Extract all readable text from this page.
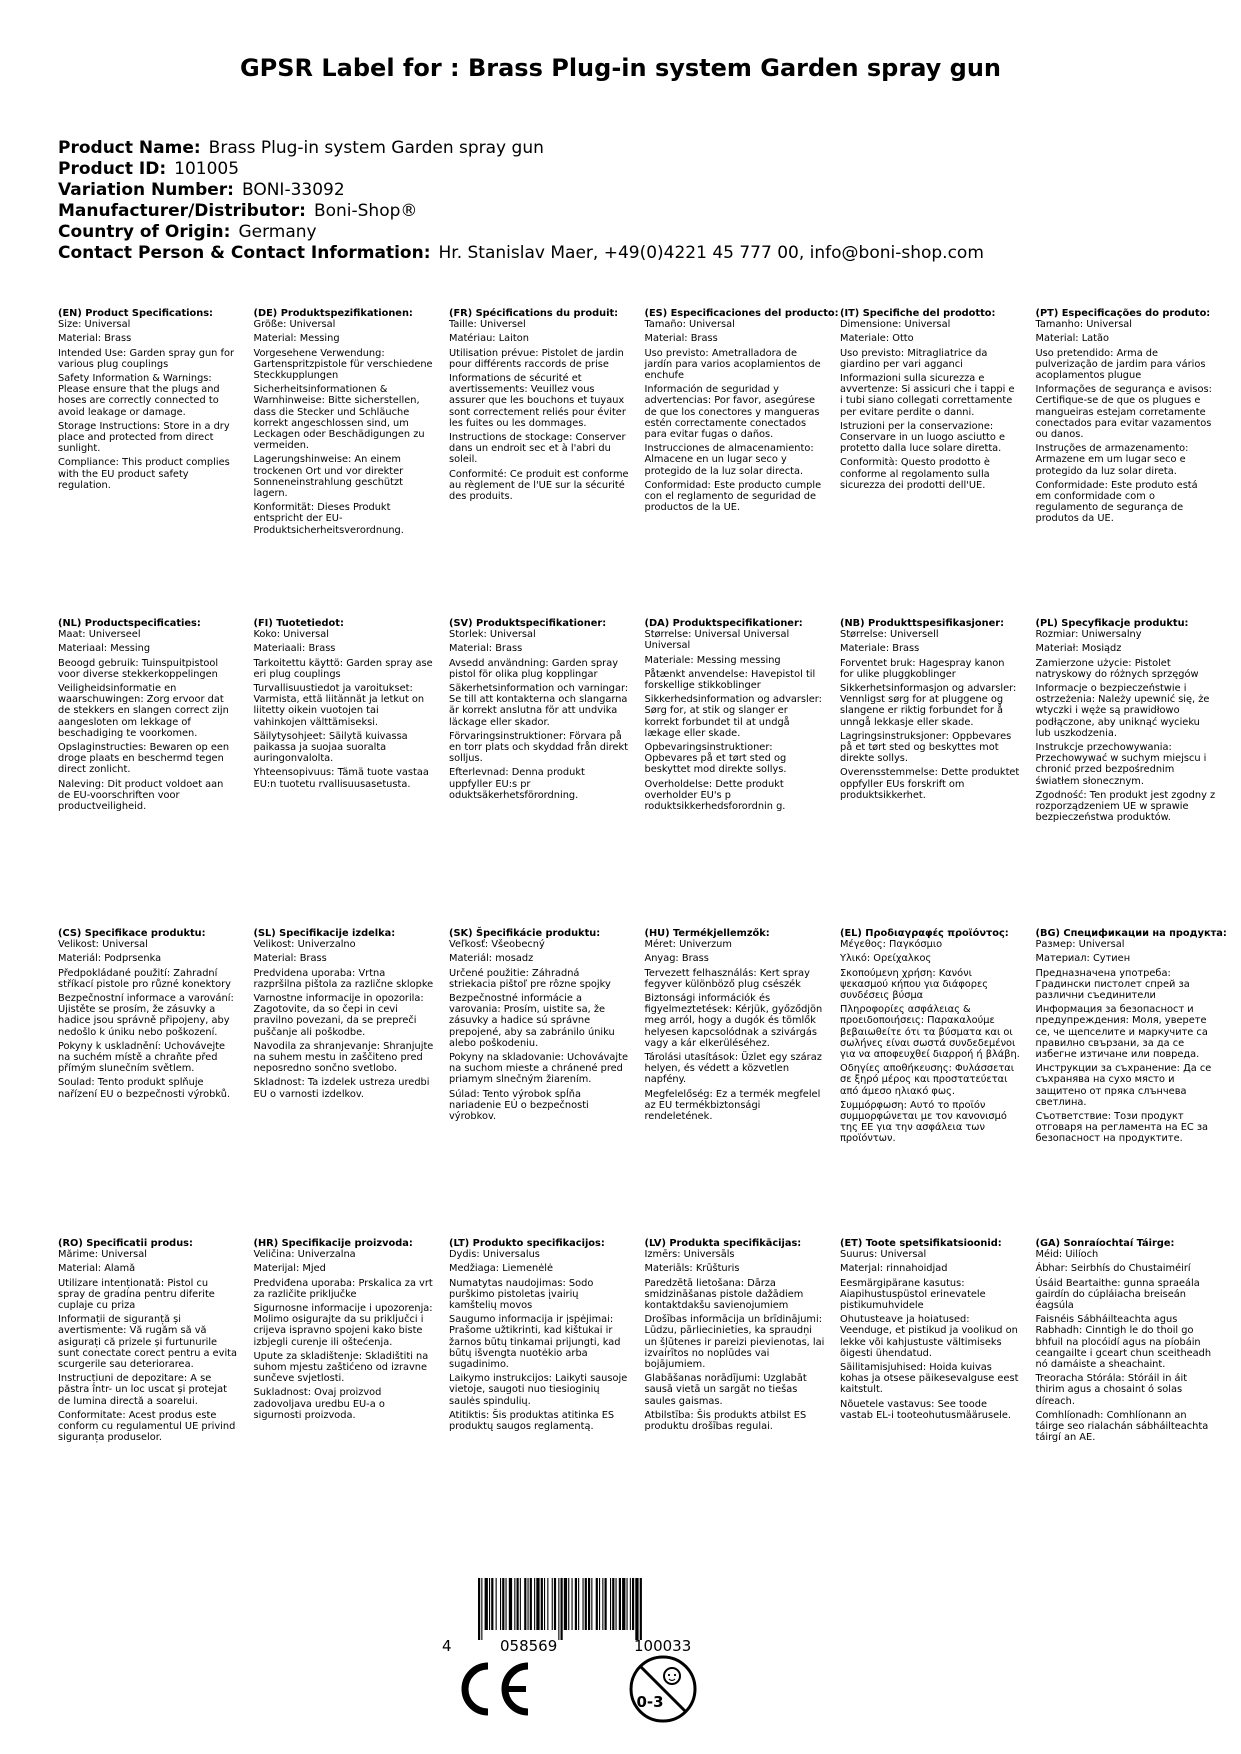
GPSR Label for : Brass Plug-in system Garden spray gun
Product Name: Brass Plug-in system Garden spray gun
Product ID: 101005
Variation Number: BONI-33092
Manufacturer/Distributor: Boni-Shop®
Country of Origin: Germany
Contact Person & Contact Information: Hr. Stanislav Maer, +49(0)4221 45 777 00, info@boni-shop.com
(EN) Product Specifications:
Size: Universal
Material: Brass
Intended Use: Garden spray gun for various plug couplings
Safety Information & Warnings: Please ensure that the plugs and hoses are correctly connected to avoid leakage or damage.
Storage Instructions: Store in a dry place and protected from direct sunlight.
Compliance: This product complies with the EU product safety regulation.
(DE) Produktspezifikationen:
Größe: Universal
Material: Messing
Vorgesehene Verwendung: Gartenspritzpistole für verschiedene Steckkupplungen
Sicherheitsinformationen & Warnhinweise: Bitte sicherstellen, dass die Stecker und Schläuche korrekt angeschlossen sind, um Leckagen oder Beschädigungen zu vermeiden.
Lagerungshinweise: An einem trockenen Ort und vor direkter Sonneneinstrahlung geschützt lagern.
Konformität: Dieses Produkt entspricht der EU-Produktsicherheitsverordnung.
(FR) Spécifications du produit:
Taille: Universel
Matériau: Laiton
Utilisation prévue: Pistolet de jardin pour différents raccords de prise
Informations de sécurité et avertissements: Veuillez vous assurer que les bouchons et tuyaux sont correctement reliés pour éviter les fuites ou les dommages.
Instructions de stockage: Conserver dans un endroit sec et à l'abri du soleil.
Conformité: Ce produit est conforme au règlement de l'UE sur la sécurité des produits.
(ES) Especificaciones del producto:
Tamaño: Universal
Material: Brass
Uso previsto: Ametralladora de jardín para varios acoplamientos de enchufe
Información de seguridad y advertencias: Por favor, asegúrese de que los conectores y mangueras estén correctamente conectados para evitar fugas o daños.
Instrucciones de almacenamiento: Almacene en un lugar seco y protegido de la luz solar directa.
Conformidad: Este producto cumple con el reglamento de seguridad de productos de la UE.
(IT) Specifiche del prodotto:
Dimensione: Universal
Materiale: Otto
Uso previsto: Mitragliatrice da giardino per vari agganci
Informazioni sulla sicurezza e avvertenze: Si assicuri che i tappi e i tubi siano collegati correttamente per evitare perdite o danni.
Istruzioni per la conservazione: Conservare in un luogo asciutto e protetto dalla luce solare diretta.
Conformità: Questo prodotto è conforme al regolamento sulla sicurezza dei prodotti dell'UE.
(PT) Especificações do produto:
Tamanho: Universal
Material: Latão
Uso pretendido: Arma de pulverização de jardim para vários acoplamentos plugue
Informações de segurança e avisos: Certifique-se de que os plugues e mangueiras estejam corretamente conectados para evitar vazamentos ou danos.
Instruções de armazenamento: Armazene em um lugar seco e protegido da luz solar direta.
Conformidade: Este produto está em conformidade com o regulamento de segurança de produtos da UE.
(NL) Productspecificaties:
Maat: Universeel
Materiaal: Messing
Beoogd gebruik: Tuinspuitpistool voor diverse stekkerkoppelingen
Veiligheidsinformatie en waarschuwingen: Zorg ervoor dat de stekkers en slangen correct zijn aangesloten om lekkage of beschadiging te voorkomen.
Opslaginstructies: Bewaren op een droge plaats en beschermd tegen direct zonlicht.
Naleving: Dit product voldoet aan de EU-voorschriften voor productveiligheid.
(FI) Tuotetiedot:
Koko: Universal
Materiaali: Brass
Tarkoitettu käyttö: Garden spray ase eri plug couplings
Turvallisuustiedot ja varoitukset: Varmista, että liitännät ja letkut on liitetty oikein vuotojen tai vahinkojen välttämiseksi.
Säilytysohjeet: Säilytä kuivassa paikassa ja suojaa suoralta auringonvalolta.
Yhteensopivuus: Tämä tuote vastaa EU:n tuotetu rvallisuusasetusta.
(SV) Produktspecifikationer:
Storlek: Universal
Material: Brass
Avsedd användning: Garden spray pistol för olika plug kopplingar
Säkerhetsinformation och varningar: Se till att kontakterna och slangarna är korrekt anslutna för att undvika läckage eller skador.
Förvaringsinstruktioner: Förvara på en torr plats och skyddad från direkt solljus.
Efterlevnad: Denna produkt uppfyller EU:s pr oduktsäkerhetsförordning.
(DA) Produktspecifikationer:
Størrelse: Universal Universal Universal
Materiale: Messing messing
Påtænkt anvendelse: Havepistol til forskellige stikkoblinger
Sikkerhedsinformation og advarsler: Sørg for, at stik og slanger er korrekt forbundet til at undgå lækage eller skade.
Opbevaringsinstruktioner: Opbevares på et tørt sted og beskyttet mod direkte sollys.
Overholdelse: Dette produkt overholder EU's p roduktsikkerhedsforordnin g.
(NB) Produkttspesifikasjoner:
Størrelse: Universell
Materiale: Brass
Forventet bruk: Hagespray kanon for ulike pluggkoblinger
Sikkerhetsinformasjon og advarsler: Vennligst sørg for at pluggene og slangene er riktig forbundet for å unngå lekkasje eller skade.
Lagringsinstruksjoner: Oppbevares på et tørt sted og beskyttes mot direkte sollys.
Overensstemmelse: Dette produktet oppfyller EUs forskrift om produktsikkerhet.
(PL) Specyfikacje produktu:
Rozmiar: Uniwersalny
Materiał: Mosiądz
Zamierzone użycie: Pistolet natryskowy do różnych sprzęgów
Informacje o bezpieczeństwie i ostrzeżenia: Należy upewnić się, że wtyczki i węże są prawidłowo podłączone, aby uniknąć wycieku lub uszkodzenia.
Instrukcje przechowywania: Przechowywać w suchym miejscu i chronić przed bezpośrednim światłem słonecznym.
Zgodność: Ten produkt jest zgodny z rozporządzeniem UE w sprawie bezpieczeństwa produktów.
(CS) Specifikace produktu:
Velikost: Universal
Materiál: Podprsenka
Předpokládané použití: Zahradní stříkací pistole pro různé konektory
Bezpečnostní informace a varování: Ujistěte se prosím, že zásuvky a hadice jsou správně připojeny, aby nedošlo k úniku nebo poškození.
Pokyny k uskladnění: Uchovávejte na suchém místě a chraňte před přímým slunečním světlem.
Soulad: Tento produkt splňuje nařízení EU o bezpečnosti výrobků.
(SL) Specifikacije izdelka:
Velikost: Univerzalno
Material: Brass
Predvidena uporaba: Vrtna razpršilna pištola za različne sklopke
Varnostne informacije in opozorila: Zagotovite, da so čepi in cevi pravilno povezani, da se prepreči puščanje ali poškodbe.
Navodila za shranjevanje: Shranjujte na suhem mestu in zaščiteno pred neposredno sončno svetlobo.
Skladnost: Ta izdelek ustreza uredbi EU o varnosti izdelkov.
(SK) Špecifikácie produktu:
Veľkosť: Všeobecný
Materiál: mosadz
Určené použitie: Záhradná striekacia pištoľ pre rôzne spojky
Bezpečnostné informácie a varovania: Prosím, uistite sa, že zásuvky a hadice sú správne prepojené, aby sa zabránilo úniku alebo poškodeniu.
Pokyny na skladovanie: Uchovávajte na suchom mieste a chránené pred priamym slnečným žiarením.
Súlad: Tento výrobok spĺňa nariadenie EÚ o bezpečnosti výrobkov.
(HU) Termékjellemzők:
Méret: Univerzum
Anyag: Brass
Tervezett felhasználás: Kert spray fegyver különböző plug csészék
Biztonsági információk és figyelmeztetések: Kérjük, győződjön meg arról, hogy a dugók és tömlők helyesen kapcsolódnak a szivárgás vagy a kár elkerüléséhez.
Tárolási utasítások: Üzlet egy száraz helyen, és védett a közvetlen napfény.
Megfelelőség: Ez a termék megfelel az EU termékbiztonsági rendeletének.
(EL) Προδιαγραφές προϊόντος:
Μέγεθος: Παγκόσμιο
Υλικό: Ορείχαλκος
Σκοπούμενη χρήση: Κανόνι ψεκασμού κήπου για διάφορες συνδέσεις βύσμα
Πληροφορίες ασφάλειας & προειδοποιήσεις: Παρακαλούμε βεβαιωθείτε ότι τα βύσματα και οι σωλήνες είναι σωστά συνδεδεμένοι για να αποφευχθεί διαρροή ή βλάβη.
Οδηγίες αποθήκευσης: Φυλάσσεται σε ξηρό μέρος και προστατεύεται από άμεσο ηλιακό φως.
Συμμόρφωση: Αυτό το προϊόν συμμορφώνεται με τον κανονισμό της ΕΕ για την ασφάλεια των προϊόντων.
(BG) Спецификации на продукта:
Размер: Universal
Материал: Сутиен
Предназначена употреба: Градински пистолет спрей за различни съединители
Информация за безопасност и предупреждения: Моля, уверете се, че щепселите и маркучите са правилно свързани, за да се избегне изтичане или повреда.
Инструкции за съхранение: Да се съхранява на сухо място и защитено от пряка слънчева светлина.
Съответствие: Този продукт отговаря на регламента на ЕС за безопасност на продуктите.
(RO) Specificatii produs:
Mărime: Universal
Material: Alamă
Utilizare intenționată: Pistol cu spray de gradina pentru diferite cuplaje cu priza
Informații de siguranță și avertismente: Vă rugăm să vă asigurați că prizele și furtunurile sunt conectate corect pentru a evita scurgerile sau deteriorarea.
Instrucțiuni de depozitare: A se păstra într- un loc uscat și protejat de lumina directă a soarelui.
Conformitate: Acest produs este conform cu regulamentul UE privind siguranța produselor.
(HR) Specifikacije proizvoda:
Veličina: Univerzalna
Materijal: Mjed
Predviđena uporaba: Prskalica za vrt za različite priključke
Sigurnosne informacije i upozorenja: Molimo osigurajte da su priključci i crijeva ispravno spojeni kako biste izbjegli curenje ili oštećenja.
Upute za skladištenje: Skladištiti na suhom mjestu zaštićeno od izravne sunčeve svjetlosti.
Sukladnost: Ovaj proizvod zadovoljava uredbu EU-a o sigurnosti proizvoda.
(LT) Produkto specifikacijos:
Dydis: Universalus
Medžiaga: Liemenėlė
Numatytas naudojimas: Sodo purškimo pistoletas įvairių kamštelių movos
Saugumo informacija ir įspėjimai: Prašome užtikrinti, kad kištukai ir žarnos būtų tinkamai prijungti, kad būtų išvengta nuotėkio arba sugadinimo.
Laikymo instrukcijos: Laikyti sausoje vietoje, saugoti nuo tiesioginių saulės spindulių.
Atitiktis: Šis produktas atitinka ES produktų saugos reglamentą.
(LV) Produkta specifikācijas:
Izmērs: Universāls
Materiāls: Krūšturis
Paredzētā lietošana: Dārza smidzināšanas pistole dažādiem kontaktdakšu savienojumiem
Drošības informācija un brīdinājumi: Lūdzu, pārliecinieties, ka spraudņi un šļūtenes ir pareizi pievienotas, lai izvairītos no noplūdes vai bojājumiem.
Glabāšanas norādījumi: Uzglabāt sausā vietā un sargāt no tiešas saules gaismas.
Atbilstība: Šis produkts atbilst ES produktu drošības regulai.
(ET) Toote spetsifikatsioonid:
Suurus: Universal
Materjal: rinnahoidjad
Eesmärgipärane kasutus: Aiapihustuspüstol erinevatele pistikumuhvidele
Ohutusteave ja hoiatused: Veenduge, et pistikud ja voolikud on lekke või kahjustuste vältimiseks õigesti ühendatud.
Säilitamisjuhised: Hoida kuivas kohas ja otsese päikesevalguse eest kaitstult.
Nõuetele vastavus: See toode vastab EL-i tooteohutusmäärusele.
(GA) Sonraíochtaí Táirge:
Méid: Uilíoch
Ábhar: Seirbhís do Chustaiméirí
Úsáid Beartaithe: gunna spraeála gairdín do cúpláiacha breiseán éagsúla
Faisnéis Sábháilteachta agus Rabhadh: Cinntigh le do thoil go bhfuil na plocóidí agus na píobáin ceangailte i gceart chun sceitheadh nó damáiste a sheachaint.
Treoracha Stórála: Stóráil in áit thirim agus a chosaint ó solas díreach.
Comhlíonadh: Comhlíonann an táirge seo rialachán sábháilteachta táirgí an AE.
4	058569	100033
0-3
